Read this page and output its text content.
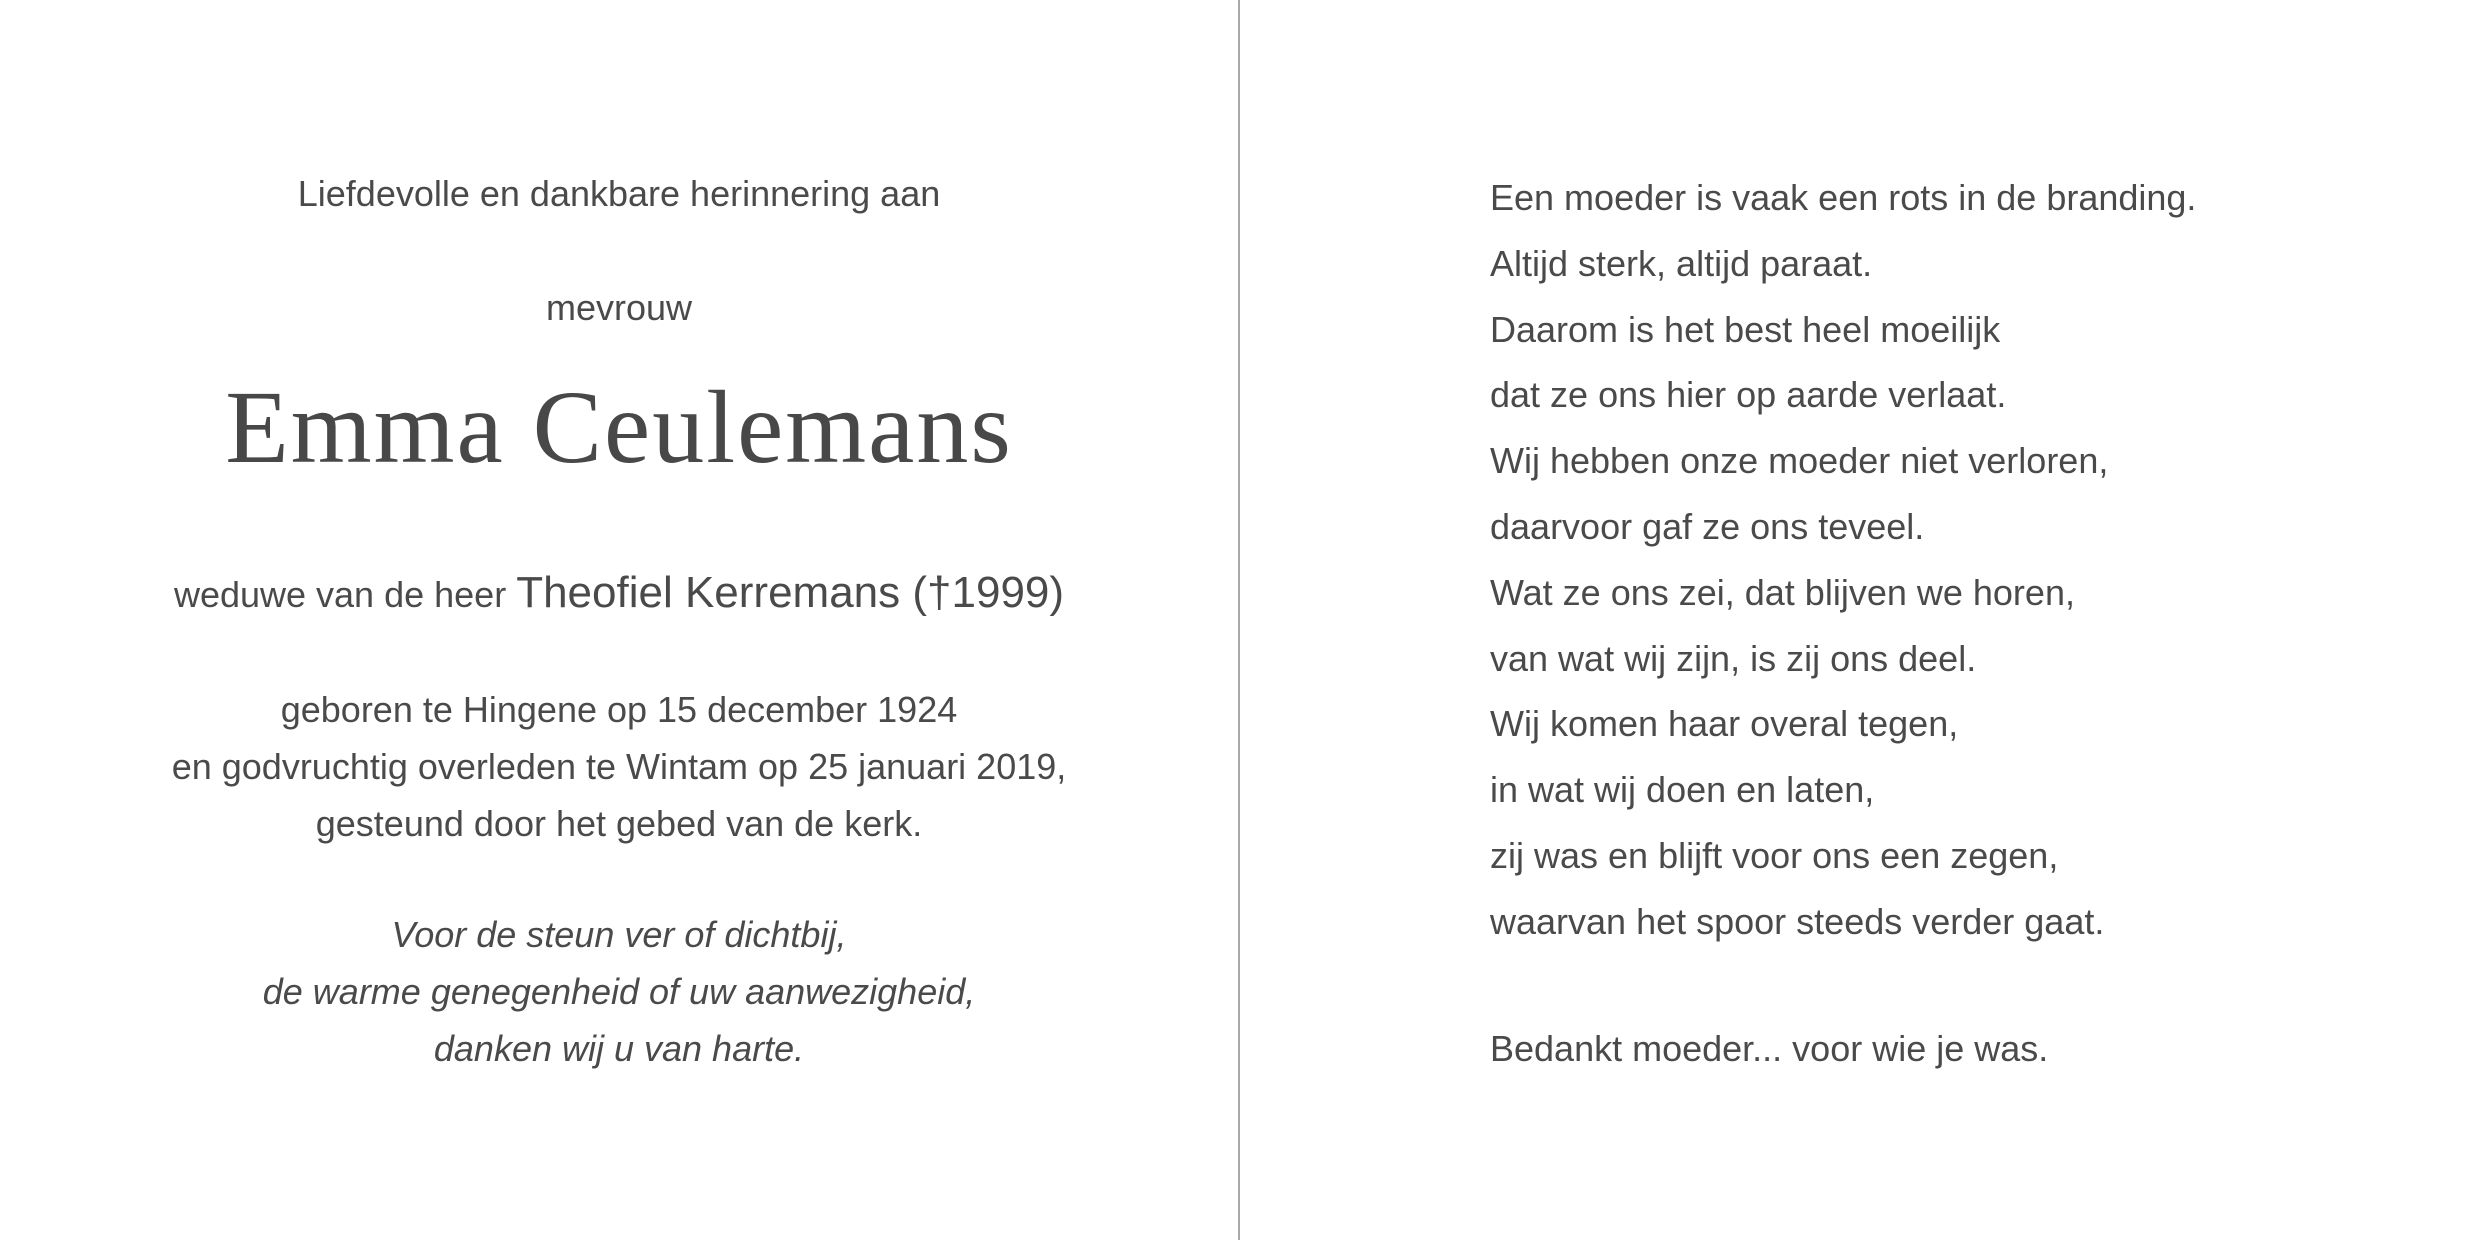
Liefdevolle en dankbare herinnering aan
mevrouw
Emma Ceulemans
weduwe van de heer Theofiel Kerremans (†1999)
geboren te Hingene op 15 december 1924
en godvruchtig overleden te Wintam op 25 januari 2019,
gesteund door het gebed van de kerk.
Voor de steun ver of dichtbij,
de warme genegenheid of uw aanwezigheid,
danken wij u van harte.
Een moeder is vaak een rots in de branding.
Altijd sterk, altijd paraat.
Daarom is het best heel moeilijk
dat ze ons hier op aarde verlaat.
Wij hebben onze moeder niet verloren,
daarvoor gaf ze ons teveel.
Wat ze ons zei, dat blijven we horen,
van wat wij zijn, is zij ons deel.
Wij komen haar overal tegen,
in wat wij doen en laten,
zij was en blijft voor ons een zegen,
waarvan het spoor steeds verder gaat.
Bedankt moeder... voor wie je was.
